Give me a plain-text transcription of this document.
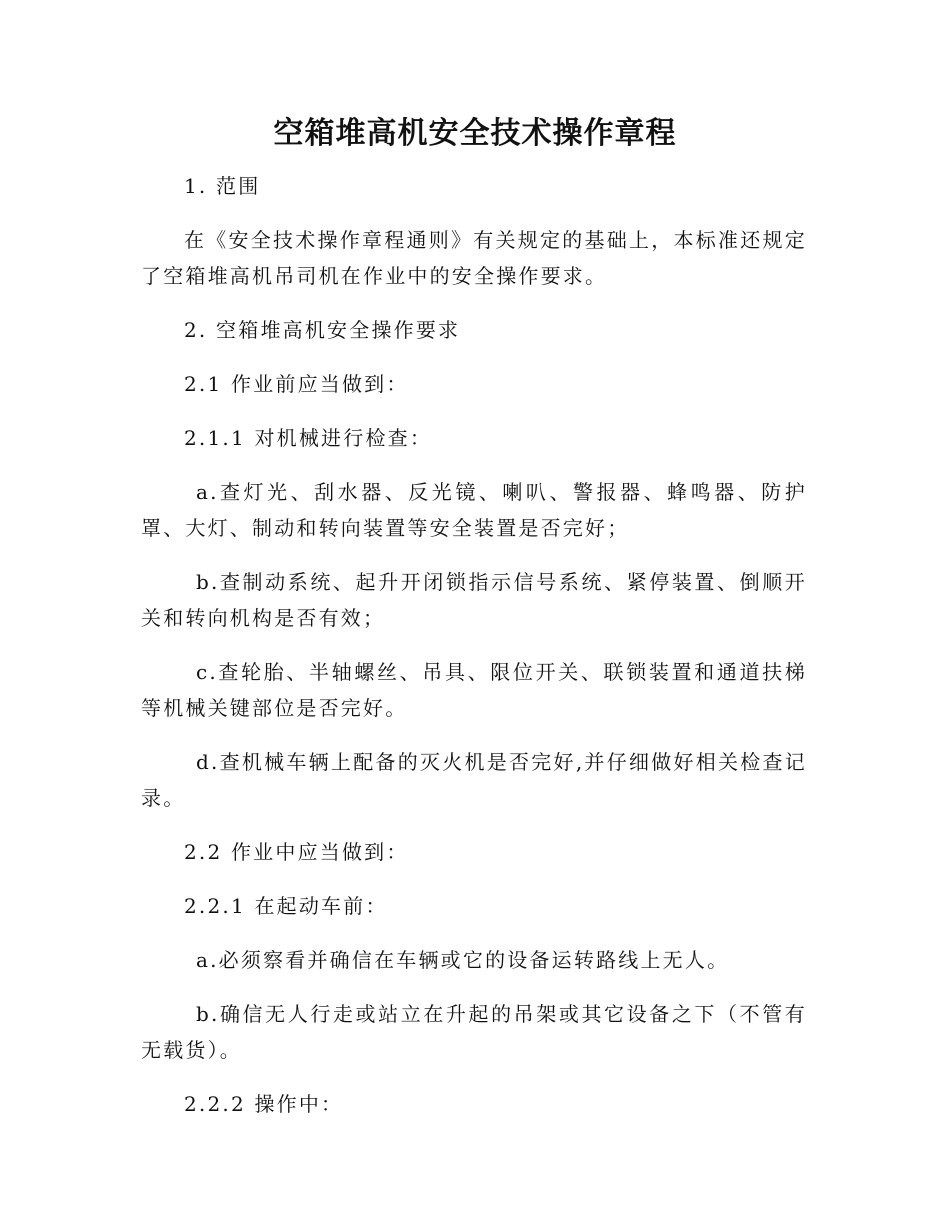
空箱堆高机安全技术操作章程

1. 范围

在《安全技术操作章程通则》有关规定的基础上，本标准还规定了空箱堆高机吊司机在作业中的安全操作要求。

2. 空箱堆高机安全操作要求

2.1 作业前应当做到：

2.1.1 对机械进行检查：

a.查灯光、刮水器、反光镜、喇叭、警报器、蜂鸣器、防护罩、大灯、制动和转向装置等安全装置是否完好；

b.查制动系统、起升开闭锁指示信号系统、紧停装置、倒顺开关和转向机构是否有效；

c.查轮胎、半轴螺丝、吊具、限位开关、联锁装置和通道扶梯等机械关键部位是否完好。

d.查机械车辆上配备的灭火机是否完好,并仔细做好相关检查记录。

2.2 作业中应当做到：

2.2.1 在起动车前：

a.必须察看并确信在车辆或它的设备运转路线上无人。

b.确信无人行走或站立在升起的吊架或其它设备之下（不管有无载货）。

2.2.2 操作中：
